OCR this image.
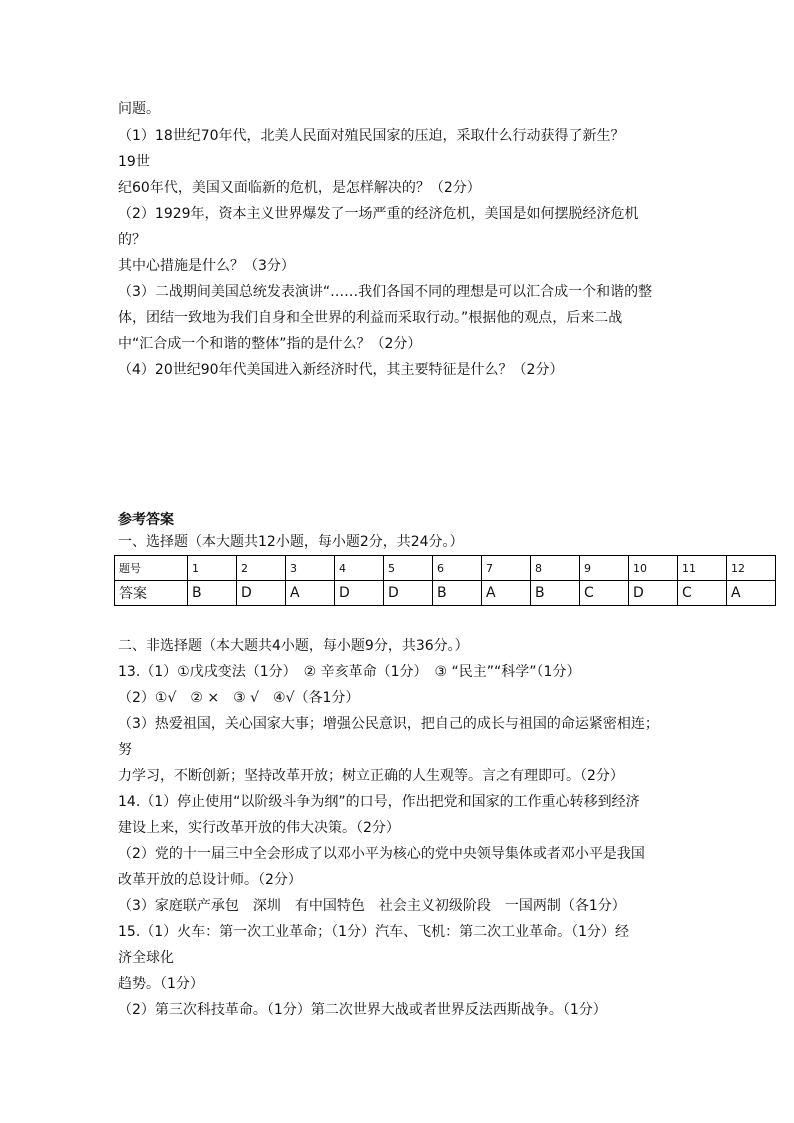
问题。
（1）18世纪70年代，北美人民面对殖民国家的压迫，采取什么行动获得了新生？
19世
纪60年代，美国又面临新的危机，是怎样解决的？（2分）
（2）1929年，资本主义世界爆发了一场严重的经济危机，美国是如何摆脱经济危机
的？
其中心措施是什么？（3分）
（3）二战期间美国总统发表演讲“……我们各国不同的理想是可以汇合成一个和谐的整
体，团结一致地为我们自身和全世界的利益而采取行动。”根据他的观点，后来二战
中“汇合成一个和谐的整体”指的是什么？（2分）
（4）20世纪90年代美国进入新经济时代，其主要特征是什么？（2分）
参考答案
一、选择题（本大题共12小题，每小题2分，共24分。）
题号	1	2	3	4	5	6	7	8	9	10	11	12
答案	B	D	A	D	D	B	A	B	C	D	C	A
二、非选择题（本大题共4小题，每小题9分，共36分。）
13.（1）①戊戌变法（1分）　② 辛亥革命（1分）　③ “民主”“科学”（1分）
（2）①√　② ×　③ √　④√（各1分）
（3）热爱祖国，关心国家大事；增强公民意识，把自己的成长与祖国的命运紧密相连；
努
力学习，不断创新；坚持改革开放；树立正确的人生观等。言之有理即可。（2分）
14.（1）停止使用“以阶级斗争为纲”的口号，作出把党和国家的工作重心转移到经济
建设上来，实行改革开放的伟大决策。（2分）
（2）党的十一届三中全会形成了以邓小平为核心的党中央领导集体或者邓小平是我国
改革开放的总设计师。（2分）
（3）家庭联产承包　深圳　有中国特色　社会主义初级阶段　一国两制（各1分）
15.（1）火车：第一次工业革命；（1分）汽车、飞机：第二次工业革命。（1分）经
济全球化
趋势。（1分）
（2）第三次科技革命。（1分）第二次世界大战或者世界反法西斯战争。（1分）
